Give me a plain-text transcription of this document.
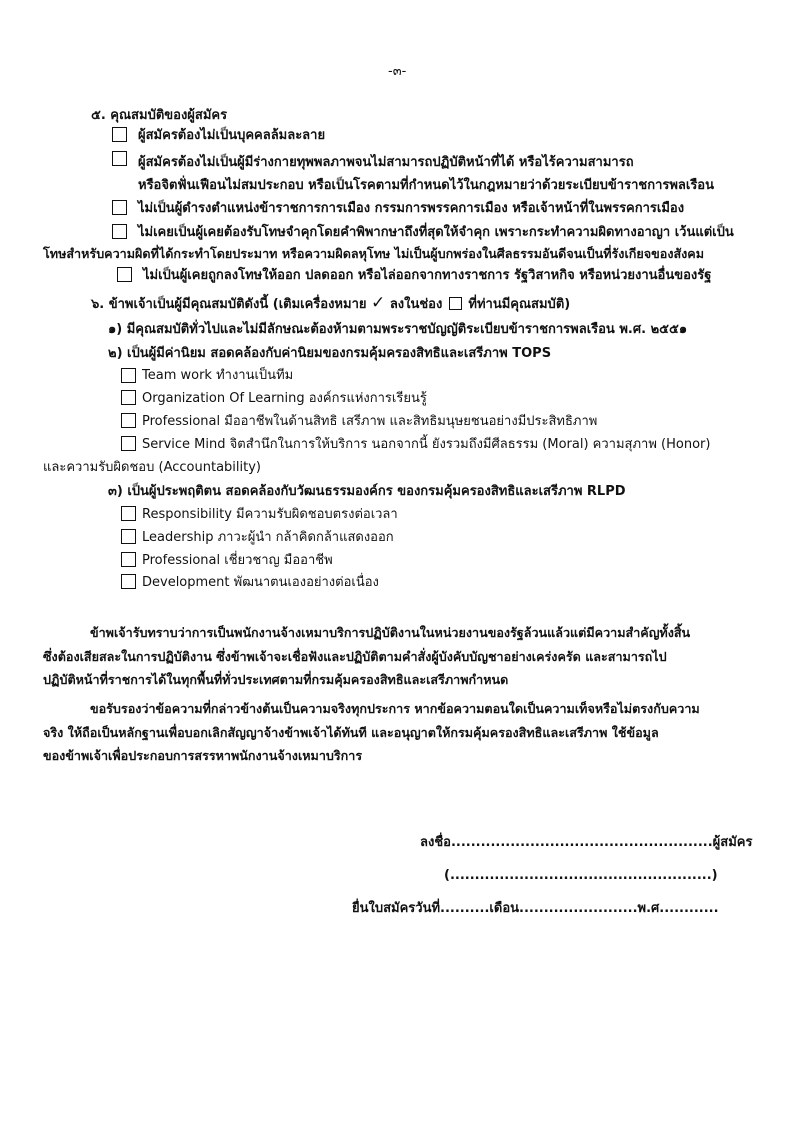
-๓-
๕. คุณสมบัติของผู้สมัคร
ผู้สมัครต้องไม่เป็นบุคคลล้มละลาย
ผู้สมัครต้องไม่เป็นผู้มีร่างกายทุพพลภาพจนไม่สามารถปฏิบัติหน้าที่ได้ หรือไร้ความสามารถ
หรือจิตฟั่นเฟือนไม่สมประกอบ หรือเป็นโรคตามที่กำหนดไว้ในกฎหมายว่าด้วยระเบียบข้าราชการพลเรือน
ไม่เป็นผู้ดำรงตำแหน่งข้าราชการการเมือง กรรมการพรรคการเมือง หรือเจ้าหน้าที่ในพรรคการเมือง
ไม่เคยเป็นผู้เคยต้องรับโทษจำคุกโดยคำพิพากษาถึงที่สุดให้จำคุก เพราะกระทำความผิดทางอาญา เว้นแต่เป็น
โทษสำหรับความผิดที่ได้กระทำโดยประมาท หรือความผิดลหุโทษ ไม่เป็นผู้บกพร่องในศีลธรรมอันดีจนเป็นที่รังเกียจของสังคม
ไม่เป็นผู้เคยถูกลงโทษให้ออก ปลดออก หรือไล่ออกจากทางราชการ รัฐวิสาหกิจ หรือหน่วยงานอื่นของรัฐ
๖. ข้าพเจ้าเป็นผู้มีคุณสมบัติดังนี้ (เติมเครื่องหมาย ✓ ลงในช่อง ที่ท่านมีคุณสมบัติ)
๑) มีคุณสมบัติทั่วไปและไม่มีลักษณะต้องห้ามตามพระราชบัญญัติระเบียบข้าราชการพลเรือน พ.ศ. ๒๕๕๑
๒) เป็นผู้มีค่านิยม สอดคล้องกับค่านิยมของกรมคุ้มครองสิทธิและเสรีภาพ TOPS
Team work ทำงานเป็นทีม
Organization Of Learning องค์กรแห่งการเรียนรู้
Professional มืออาชีพในด้านสิทธิ เสรีภาพ และสิทธิมนุษยชนอย่างมีประสิทธิภาพ
Service Mind จิตสำนึกในการให้บริการ นอกจากนี้ ยังรวมถึงมีศีลธรรม (Moral) ความสุภาพ (Honor)
และความรับผิดชอบ (Accountability)
๓) เป็นผู้ประพฤติตน สอดคล้องกับวัฒนธรรมองค์กร ของกรมคุ้มครองสิทธิและเสรีภาพ RLPD
Responsibility มีความรับผิดชอบตรงต่อเวลา
Leadership ภาวะผู้นำ กล้าคิดกล้าแสดงออก
Professional เชี่ยวชาญ มืออาชีพ
Development พัฒนาตนเองอย่างต่อเนื่อง
ข้าพเจ้ารับทราบว่าการเป็นพนักงานจ้างเหมาบริการปฏิบัติงานในหน่วยงานของรัฐล้วนแล้วแต่มีความสำคัญทั้งสิ้น
ซึ่งต้องเสียสละในการปฏิบัติงาน ซึ่งข้าพเจ้าจะเชื่อฟังและปฏิบัติตามคำสั่งผู้บังคับบัญชาอย่างเคร่งครัด และสามารถไป
ปฏิบัติหน้าที่ราชการได้ในทุกพื้นที่ทั่วประเทศตามที่กรมคุ้มครองสิทธิและเสรีภาพกำหนด
ขอรับรองว่าข้อความที่กล่าวข้างต้นเป็นความจริงทุกประการ หากข้อความตอนใดเป็นความเท็จหรือไม่ตรงกับความ
จริง ให้ถือเป็นหลักฐานเพื่อบอกเลิกสัญญาจ้างข้าพเจ้าได้ทันที และอนุญาตให้กรมคุ้มครองสิทธิและเสรีภาพ ใช้ข้อมูล
ของข้าพเจ้าเพื่อประกอบการสรรหาพนักงานจ้างเหมาบริการ
ลงชื่อ.....................................................ผู้สมัคร
(.....................................................)
ยื่นใบสมัครวันที่..........เดือน........................พ.ศ............
